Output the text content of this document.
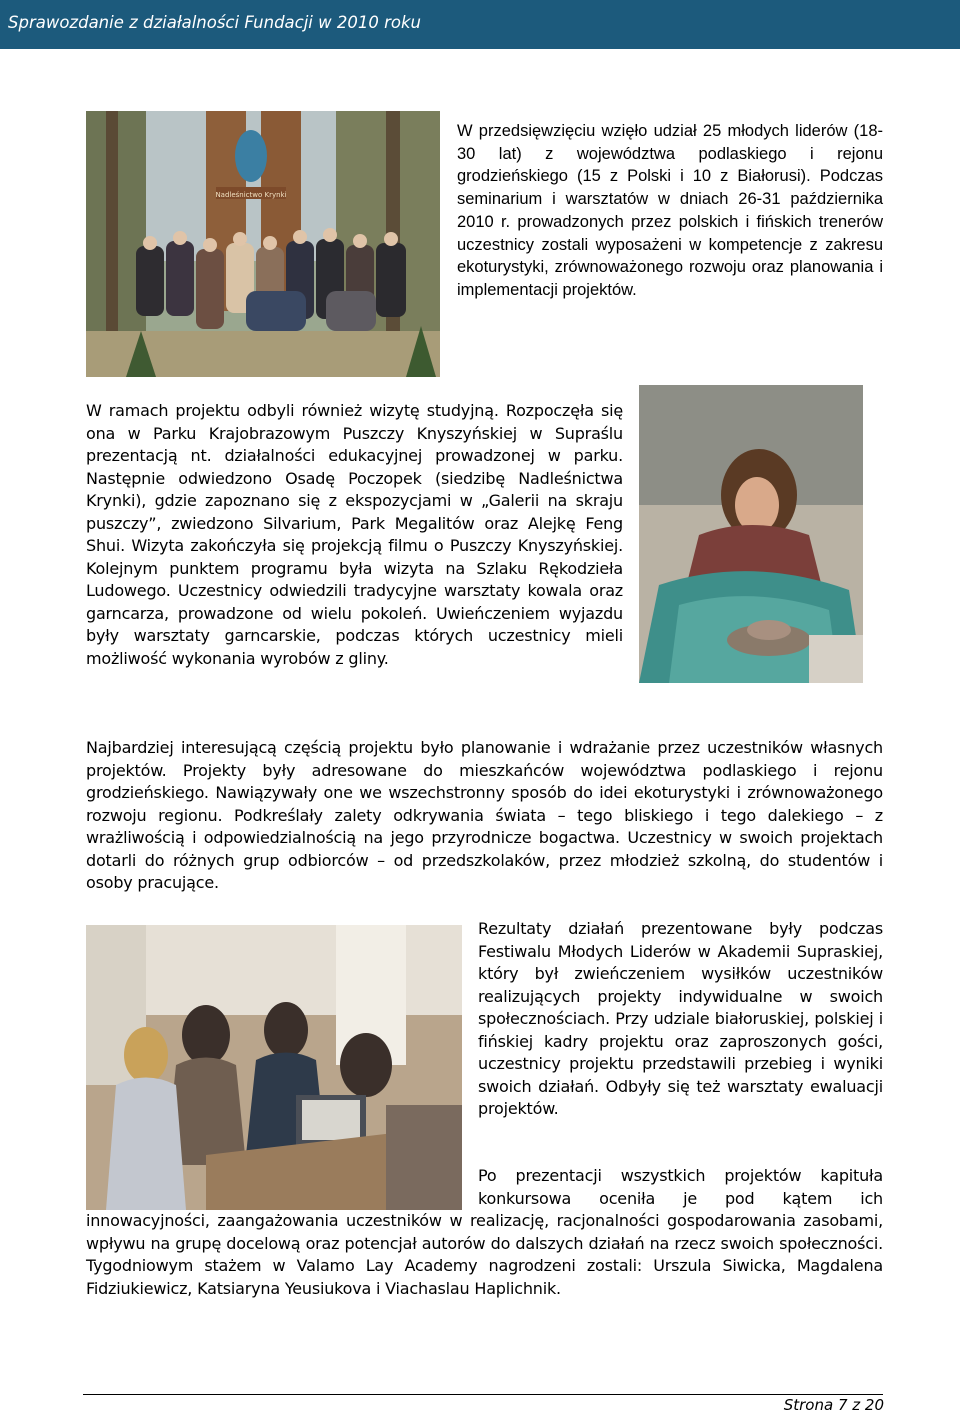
Sprawozdanie z działalności Fundacji w 2010 roku
Nadleśnictwo Krynki

W przedsięwzięciu wzięło udział 25 młodych liderów (18-30 lat) z województwa podlaskiego i rejonu grodzieńskiego (15 z Polski i 10 z Białorusi). Podczas seminarium i warsztatów w dniach 26-31 października 2010 r. prowadzonych przez polskich i fińskich trenerów uczestnicy zostali wyposażeni w kompetencje z zakresu ekoturystyki, zrównoważonego rozwoju oraz planowania i implementacji projektów.

W ramach projektu odbyli również wizytę studyjną. Rozpoczęła się ona w Parku Krajobrazowym Puszczy Knyszyńskiej w Supraślu prezentacją nt. działalności edukacyjnej prowadzonej w parku. Następnie odwiedzono Osadę Poczopek (siedzibę Nadleśnictwa Krynki), gdzie zapoznano się z ekspozycjami w „Galerii na skraju puszczy”, zwiedzono Silvarium, Park Megalitów oraz Alejkę Feng Shui. Wizyta zakończyła się projekcją filmu o Puszczy Knyszyńskiej. Kolejnym punktem programu była wizyta na Szlaku Rękodzieła Ludowego. Uczestnicy odwiedzili tradycyjne warsztaty kowala oraz garncarza, prowadzone od wielu pokoleń. Uwieńczeniem wyjazdu były warsztaty garncarskie, podczas których uczestnicy mieli możliwość wykonania wyrobów z gliny.

Najbardziej interesującą częścią projektu było planowanie i wdrażanie przez uczestników własnych projektów. Projekty były adresowane do mieszkańców województwa podlaskiego i rejonu grodzieńskiego. Nawiązywały one we wszechstronny sposób do idei ekoturystyki i zrównoważonego rozwoju regionu. Podkreślały zalety odkrywania świata – tego bliskiego i tego dalekiego – z wrażliwością i odpowiedzialnością na jego przyrodnicze bogactwa. Uczestnicy w swoich projektach dotarli do różnych grup odbiorców – od przedszkolaków, przez młodzież szkolną, do studentów i osoby pracujące.

Rezultaty działań prezentowane były podczas Festiwalu Młodych Liderów w Akademii Supraskiej, który był zwieńczeniem wysiłków uczestników realizujących projekty indywidualne w swoich społecznościach. Przy udziale białoruskiej, polskiej i fińskiej kadry projektu oraz zaproszonych gości, uczestnicy projektu przedstawili przebieg i wyniki swoich działań. Odbyły się też warsztaty ewaluacji projektów.

Po prezentacji wszystkich projektów kapituła konkursowa oceniła je pod kątem ich

innowacyjności, zaangażowania uczestników w realizację, racjonalności gospodarowania zasobami, wpływu na grupę docelową oraz potencjał autorów do dalszych działań na rzecz swoich społeczności. Tygodniowym stażem w Valamo Lay Academy nagrodzeni zostali: Urszula Siwicka, Magdalena Fidziukiewicz, Katsiaryna Yeusiukova i Viachaslau Haplichnik.

Strona 7 z 20
